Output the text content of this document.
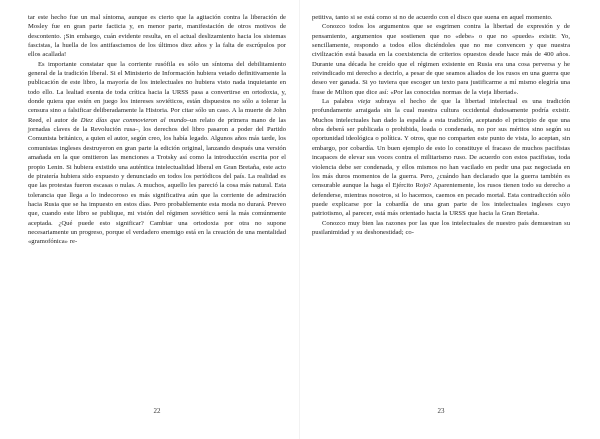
tar este hecho fue un mal síntoma, aunque es cierto que la agitación contra la liberación de Mosley fue en gran parte facticia y, en menor parte, manifestación de otros motivos de descontento. ¡Sin embargo, cuán evidente resulta, en el actual deslizamiento hacia los sistemas fascistas, la huella de los antifascismos de los últimos diez años y la falta de escrúpulos por ellos acallada!

Es importante constatar que la corriente rusófila es sólo un síntoma del debilitamiento general de la tradición liberal. Si el Ministerio de Información hubiera vetado definitivamente la publicación de este libro, la mayoría de los intelectuales no hubiera visto nada inquietante en todo ello. La lealtad exenta de toda crítica hacia la URSS pasa a convertirse en ortodoxia, y, donde quiera que estén en juego los intereses soviéticos, están dispuestos no sólo a tolerar la censura sino a falsificar deliberadamente la Historia. Por citar sólo un caso. A la muerte de John Reed, el autor de Diez días que conmovieron al mundo–un relato de primera mano de las jornadas claves de la Revolución rusa–, los derechos del libro pasaron a poder del Partido Comunista británico, a quien el autor, según creo, los había legado. Algunos años más tarde, los comunistas ingleses destruyeron en gran parte la edición original, lanzando después una versión amañada en la que omitieron las menciones a Trotsky así como la introducción escrita por el propio Lenin. Si hubiera existido una auténtica intelectualidad liberal en Gran Bretaña, este acto de piratería hubiera sido expuesto y denunciado en todos los periódicos del país. La realidad es que las protestas fueron escasas o nulas. A muchos, aquello les pareció la cosa más natural. Esta tolerancia que llega a lo indecoroso es más significativa aún que la corriente de admiración hacia Rusia que se ha impuesto en estos días. Pero probablemente esta moda no durará. Preveo que, cuando este libro se publique, mi visión del régimen soviético será la más comúnmente aceptada. ¿Qué puede esto significar? Cambiar una ortodoxia por otra no supone necesariamente un progreso, porque el verdadero enemigo está en la creación de una mentalidad «gramofónica» re-

22

petitiva, tanto si se está como si no de acuerdo con el disco que suena en aquel momento.

Conozco todos los argumentos que se esgrimen contra la libertad de expresión y de pensamiento, argumentos que sostienen que no «debe» o que no «puede» existir. Yo, sencillamente, respondo a todos ellos diciéndoles que no me convencen y que nuestra civilización está basada en la coexistencia de criterios opuestos desde hace más de 400 años. Durante una década he creído que el régimen existente en Rusia era una cosa perversa y he reivindicado mi derecho a decirlo, a pesar de que seamos aliados de los rusos en una guerra que deseo ver ganada. Si yo tuviera que escoger un texto para justificarme a mí mismo elegiría una frase de Milton que dice así: «Por las conocidas normas de la vieja libertad».

La palabra vieja subraya el hecho de que la libertad intelectual es una tradición profundamente arraigada sin la cual nuestra cultura occidental dudosamente podría existir. Muchos intelectuales han dado la espalda a esta tradición, aceptando el principio de que una obra deberá ser publicada o prohibida, loada o condenada, no por sus méritos sino según su oportunidad ideológica o política. Y otros, que no comparten este punto de vista, lo aceptan, sin embargo, por cobardía. Un buen ejemplo de esto lo constituye el fracaso de muchos pacifistas incapaces de elevar sus voces contra el militarismo ruso. De acuerdo con estos pacifistas, toda violencia debe ser condenada, y ellos mismos no han vacilado en pedir una paz negociada en los más duros momentos de la guerra. Pero, ¿cuándo han declarado que la guerra también es censurable aunque la haga el Ejército Rojo? Aparentemente, los rusos tienen todo su derecho a defenderse, mientras nosotros, si lo hacemos, caemos en pecado mortal. Esta contradicción sólo puede explicarse por la cobardía de una gran parte de los intelectuales ingleses cuyo patriotismo, al parecer, está más orientado hacia la URSS que hacia la Gran Bretaña.

Conozco muy bien las razones por las que los intelectuales de nuestro país demuestran su pusilanimidad y su deshonestidad; co-

23
